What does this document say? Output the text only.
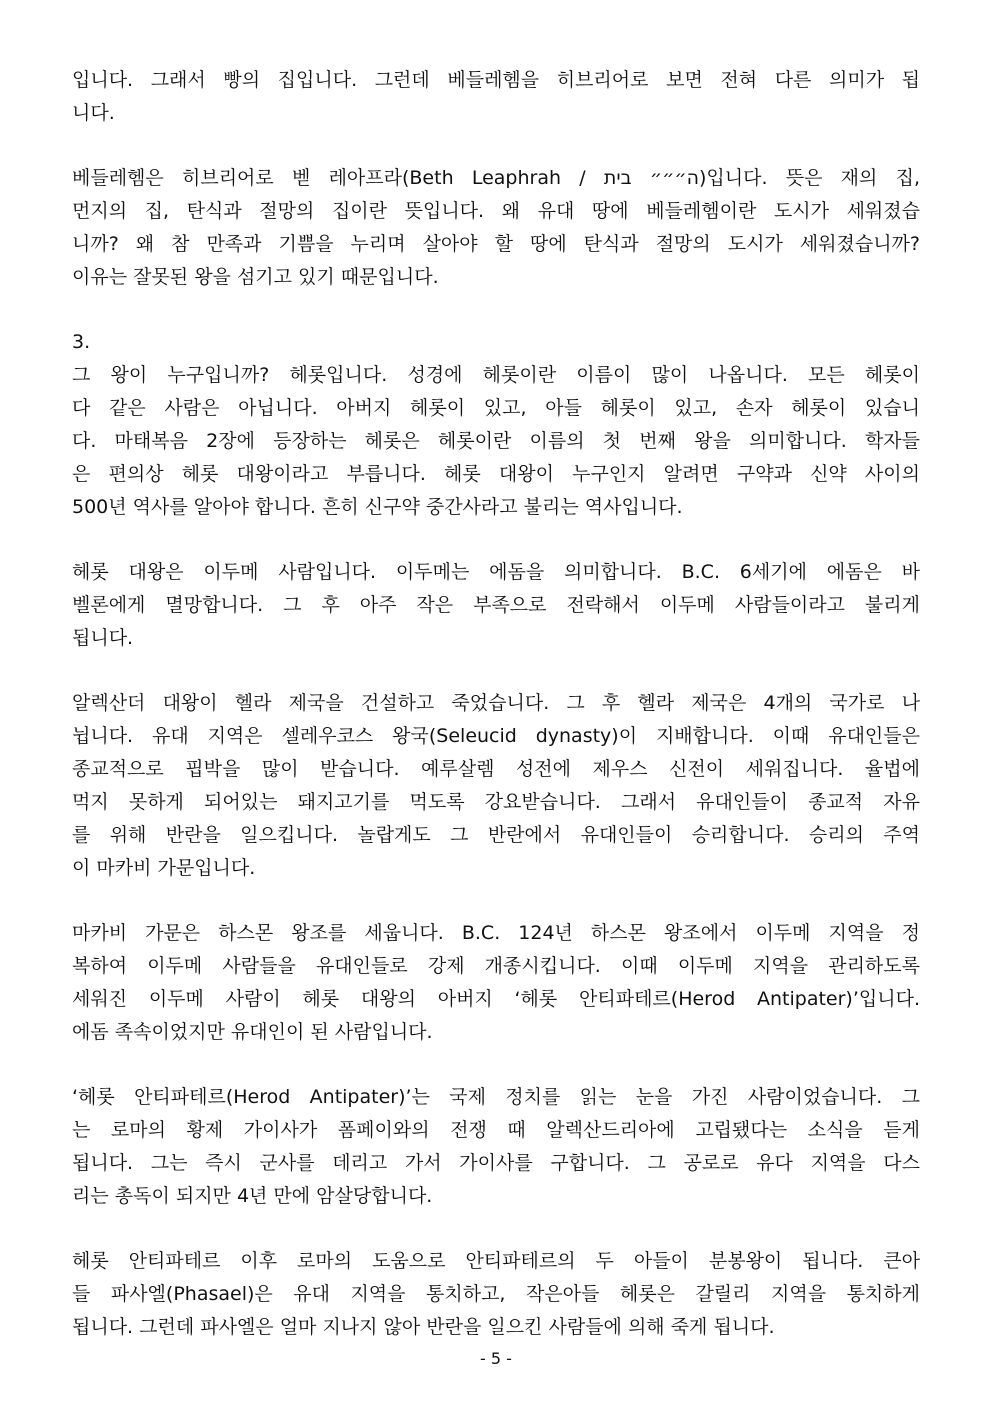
입니다. 그래서 빵의 집입니다. 그런데 베들레헴을 히브리어로 보면 전혀 다른 의미가 됩
니다.

베들레헴은 히브리어로 벧 레아프라(Beth Leaphrah / ה״״״ בית)입니다. 뜻은 재의 집,
먼지의 집, 탄식과 절망의 집이란 뜻입니다. 왜 유대 땅에 베들레헴이란 도시가 세워졌습
니까? 왜 참 만족과 기쁨을 누리며 살아야 할 땅에 탄식과 절망의 도시가 세워졌습니까?
이유는 잘못된 왕을 섬기고 있기 때문입니다.

3.
그 왕이 누구입니까? 헤롯입니다. 성경에 헤롯이란 이름이 많이 나옵니다. 모든 헤롯이
다 같은 사람은 아닙니다. 아버지 헤롯이 있고, 아들 헤롯이 있고, 손자 헤롯이 있습니
다. 마태복음 2장에 등장하는 헤롯은 헤롯이란 이름의 첫 번째 왕을 의미합니다. 학자들
은 편의상 헤롯 대왕이라고 부릅니다. 헤롯 대왕이 누구인지 알려면 구약과 신약 사이의
500년 역사를 알아야 합니다. 흔히 신구약 중간사라고 불리는 역사입니다.

헤롯 대왕은 이두메 사람입니다. 이두메는 에돔을 의미합니다. B.C. 6세기에 에돔은 바
벨론에게 멸망합니다. 그 후 아주 작은 부족으로 전락해서 이두메 사람들이라고 불리게
됩니다.

알렉산더 대왕이 헬라 제국을 건설하고 죽었습니다. 그 후 헬라 제국은 4개의 국가로 나
뉩니다. 유대 지역은 셀레우코스 왕국(Seleucid dynasty)이 지배합니다. 이때 유대인들은
종교적으로 핍박을 많이 받습니다. 예루살렘 성전에 제우스 신전이 세워집니다. 율법에
먹지 못하게 되어있는 돼지고기를 먹도록 강요받습니다. 그래서 유대인들이 종교적 자유
를 위해 반란을 일으킵니다. 놀랍게도 그 반란에서 유대인들이 승리합니다. 승리의 주역
이 마카비 가문입니다.

마카비 가문은 하스몬 왕조를 세웁니다. B.C. 124년 하스몬 왕조에서 이두메 지역을 정
복하여 이두메 사람들을 유대인들로 강제 개종시킵니다. 이때 이두메 지역을 관리하도록
세워진 이두메 사람이 헤롯 대왕의 아버지 ‘헤롯 안티파테르(Herod Antipater)’입니다.
에돔 족속이었지만 유대인이 된 사람입니다.

‘헤롯 안티파테르(Herod Antipater)’는 국제 정치를 읽는 눈을 가진 사람이었습니다. 그
는 로마의 황제 가이사가 폼페이와의 전쟁 때 알렉산드리아에 고립됐다는 소식을 듣게
됩니다. 그는 즉시 군사를 데리고 가서 가이사를 구합니다. 그 공로로 유다 지역을 다스
리는 총독이 되지만 4년 만에 암살당합니다.

헤롯 안티파테르 이후 로마의 도움으로 안티파테르의 두 아들이 분봉왕이 됩니다. 큰아
들 파사엘(Phasael)은 유대 지역을 통치하고, 작은아들 헤롯은 갈릴리 지역을 통치하게
됩니다. 그런데 파사엘은 얼마 지나지 않아 반란을 일으킨 사람들에 의해 죽게 됩니다.

- 5 -
